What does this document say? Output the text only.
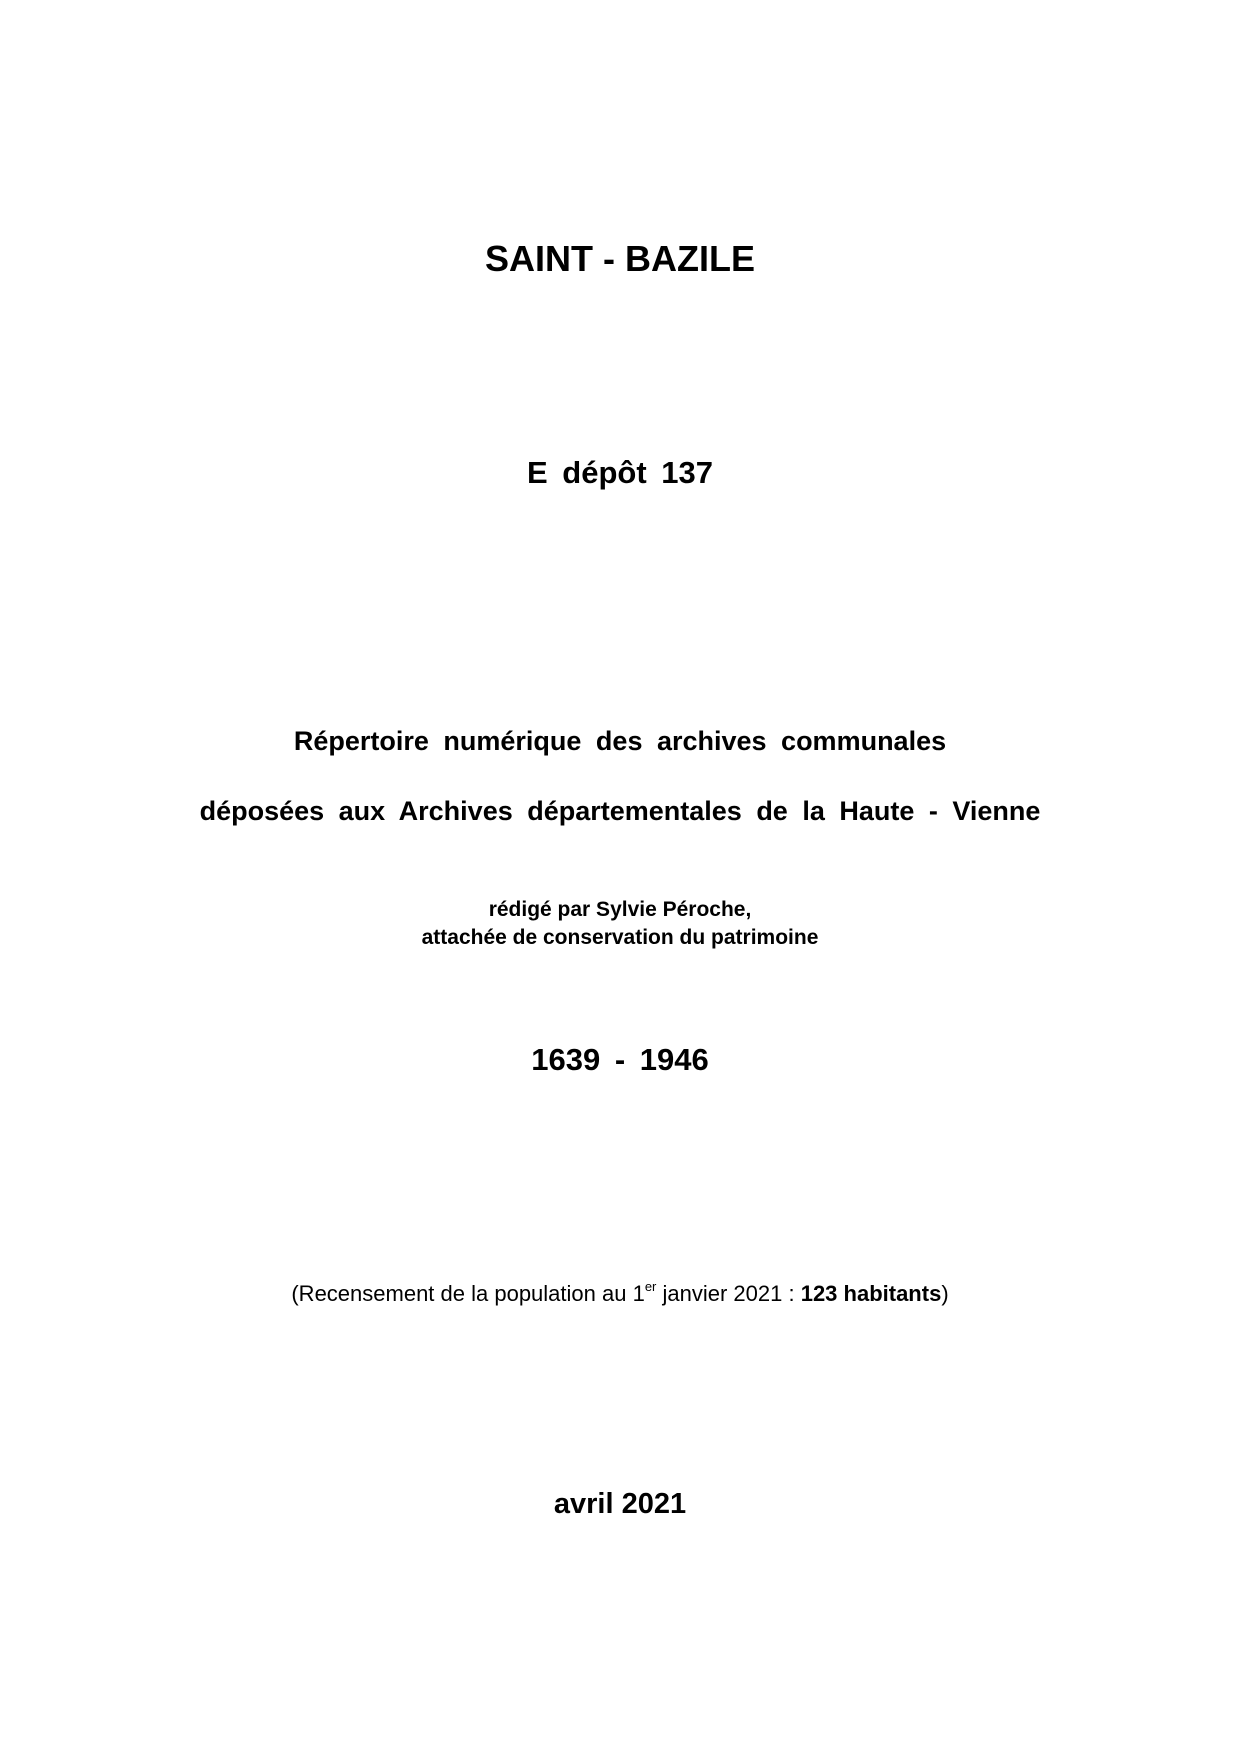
SAINT - BAZILE
E dépôt 137
Répertoire numérique des archives communales
déposées aux Archives départementales de la Haute - Vienne
rédigé par Sylvie Péroche,
attachée de conservation du patrimoine
1639 - 1946
(Recensement de la population au 1er janvier 2021 : 123 habitants)
avril 2021
